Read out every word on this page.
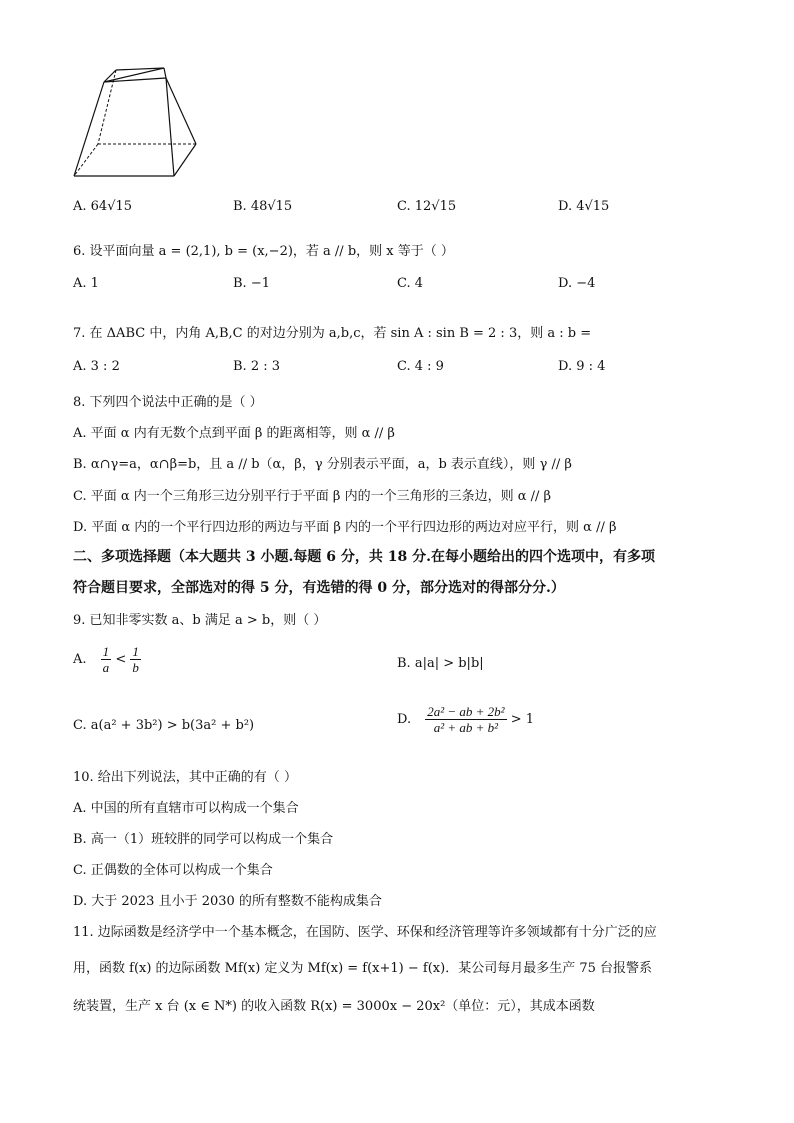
A. 64√15	B. 48√15	C. 12√15	D. 4√15
6. 设平面向量 a = (2,1), b = (x,−2)，若 a // b，则 x 等于（ ）
A. 1	B. −1	C. 4	D. −4
7. 在 ΔABC 中，内角 A,B,C 的对边分别为 a,b,c，若 sin A : sin B = 2 : 3，则 a : b =
A. 3 : 2	B. 2 : 3	C. 4 : 9	D. 9 : 4
8. 下列四个说法中正确的是（ ）
A. 平面 α 内有无数个点到平面 β 的距离相等，则 α // β
B. α∩γ=a，α∩β=b，且 a // b（α，β，γ 分别表示平面，a，b 表示直线），则 γ // β
C. 平面 α 内一个三角形三边分别平行于平面 β 内的一个三角形的三条边，则 α // β
D. 平面 α 内的一个平行四边形的两边与平面 β 内的一个平行四边形的两边对应平行，则 α // β
二、多项选择题（本大题共 3 小题.每题 6 分，共 18 分.在每小题给出的四个选项中，有多项
符合题目要求，全部选对的得 5 分，有选错的得 0 分，部分选对的得部分分.）
9. 已知非零实数 a、b 满足 a > b，则（ ）
A. $\frac{1}{a} < \frac{1}{b}$	B. a|a| > b|b|
C. a(a² + 3b²) > b(3a² + b²)	D. $\frac{\text{2a² − ab + 2b²}}{\text{a² + ab + b²}} > 1$
10. 给出下列说法，其中正确的有（ ）
A. 中国的所有直辖市可以构成一个集合
B. 高一（1）班较胖的同学可以构成一个集合
C. 正偶数的全体可以构成一个集合
D. 大于 2023 且小于 2030 的所有整数不能构成集合
11. 边际函数是经济学中一个基本概念，在国防、医学、环保和经济管理等许多领域都有十分广泛的应
用，函数 f(x) 的边际函数 Mf(x) 定义为 Mf(x) = f(x+1) − f(x)．某公司每月最多生产 75 台报警系
统装置，生产 x 台 (x ∈ N*) 的收入函数 R(x) = 3000x − 20x²（单位：元），其成本函数
